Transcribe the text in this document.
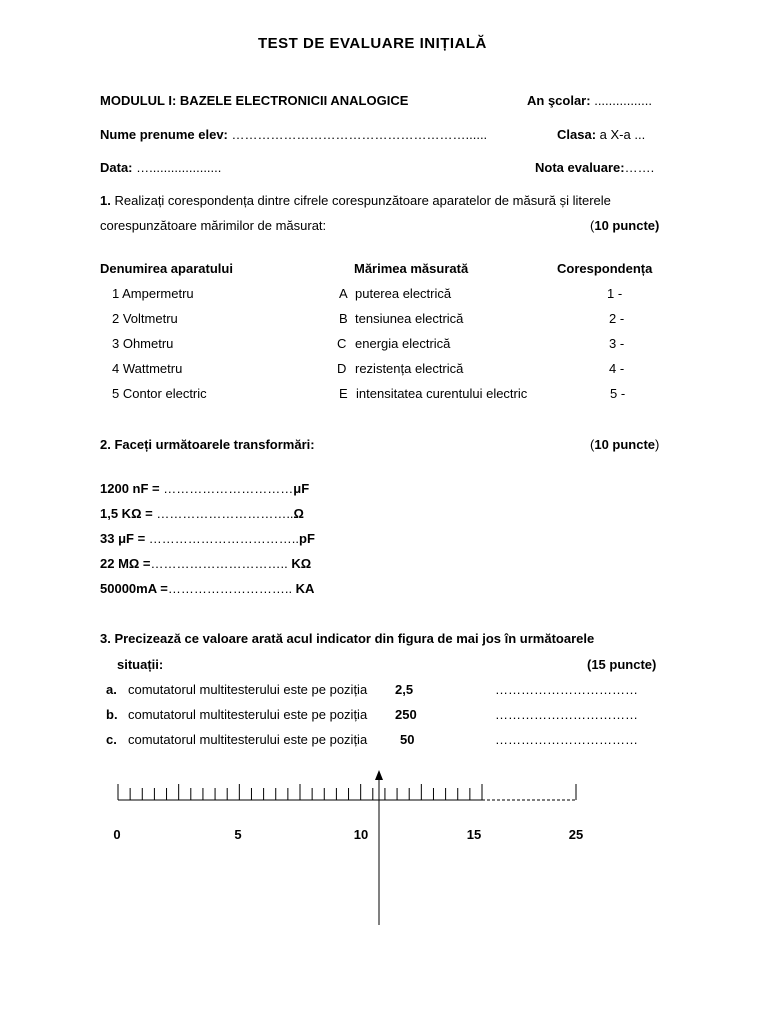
TEST DE EVALUARE INIȚIALĂ
MODULUL I: BAZELE ELECTRONICII ANALOGICE	An şcolar: ................
Nume prenume elev: ………………………………………………......	Clasa: a X-a ...
Data: …....................	Nota evaluare:…….
1. Realizați corespondența dintre cifrele corespunzătoare aparatelor de măsură și literele
corespunzătoare mărimilor de măsurat:	(10 puncte)
Denumirea aparatului	Mărimea măsurată	Corespondența
1 Ampermetru	A puterea electrică	1 -
2 Voltmetru	B tensiunea electrică	2 -
3 Ohmetru	C energia electrică	3 -
4 Wattmetru	D rezistența electrică	4 -
5 Contor electric	E intensitatea curentului electric	5 -
2. Faceți următoarele transformări:	(10 puncte)
1200 nF = …………………………μF
1,5 KΩ = …………………………..Ω
33 μF = ……………………………..pF
22 MΩ =………………………….. KΩ
50000mA =……………………….. KA
3. Precizează ce valoare arată acul indicator din figura de mai jos în următoarele
situații:	(15 puncte)
a. comutatorul multitesterului este pe poziția 2,5	……………………………
b. comutatorul multitesterului este pe poziția 250	……………………………
c. comutatorul multitesterului este pe poziția	50	……………………………
0	5	10	15	25
